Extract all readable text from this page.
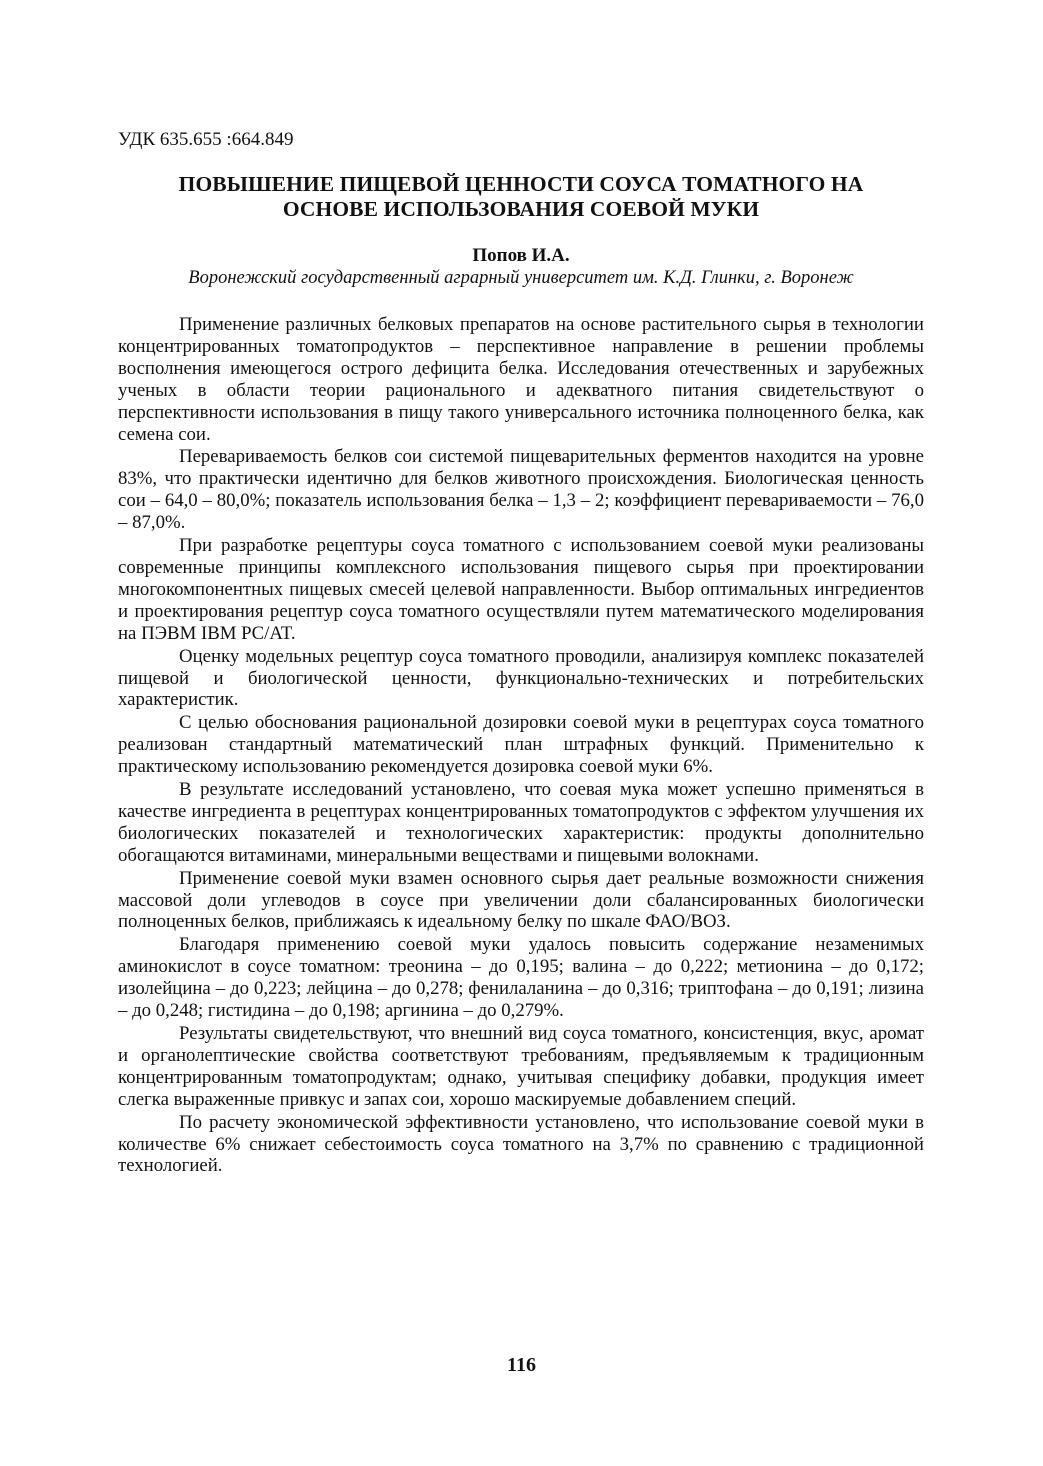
УДК 635.655 :664.849
ПОВЫШЕНИЕ ПИЩЕВОЙ ЦЕННОСТИ СОУСА ТОМАТНОГО НА
ОСНОВЕ ИСПОЛЬЗОВАНИЯ СОЕВОЙ МУКИ
Попов И.А.
Воронежский государственный аграрный университет им. К.Д. Глинки, г. Воронеж

Применение различных белковых препаратов на основе растительного сырья в технологии концентрированных томатопродуктов – перспективное направление в решении проблемы восполнения имеющегося острого дефицита белка. Исследования отечественных и зарубежных ученых в области теории рационального и адекватного питания свидетельствуют о перспективности использования в пищу такого универсального источника полноценного белка, как семена сои.

Перевариваемость белков сои системой пищеварительных ферментов находится на уровне 83%, что практически идентично для белков животного происхождения. Биологическая ценность сои – 64,0 – 80,0%; показатель использования белка – 1,3 – 2; коэффициент перевариваемости – 76,0 – 87,0%.

При разработке рецептуры соуса томатного с использованием соевой муки реализованы современные принципы комплексного использования пищевого сырья при проектировании многокомпонентных пищевых смесей целевой направленности. Выбор оптимальных ингредиентов и проектирования рецептур соуса томатного осуществляли путем математического моделирования на ПЭВМ IBM PC/AT.

Оценку модельных рецептур соуса томатного проводили, анализируя комплекс показателей пищевой и биологической ценности, функционально-технических и потребительских характеристик.

С целью обоснования рациональной дозировки соевой муки в рецептурах соуса томатного реализован стандартный математический план штрафных функций. Применительно к практическому использованию рекомендуется дозировка соевой муки 6%.

В результате исследований установлено, что соевая мука может успешно применяться в качестве ингредиента в рецептурах концентрированных томатопродуктов с эффектом улучшения их биологических показателей и технологических характеристик: продукты дополнительно обогащаются витаминами, минеральными веществами и пищевыми волокнами.

Применение соевой муки взамен основного сырья дает реальные возможности снижения массовой доли углеводов в соусе при увеличении доли сбалансированных биологически полноценных белков, приближаясь к идеальному белку по шкале ФАО/ВОЗ.

Благодаря применению соевой муки удалось повысить содержание незаменимых аминокислот в соусе томатном: треонина – до 0,195; валина – до 0,222; метионина – до 0,172; изолейцина – до 0,223; лейцина – до 0,278; фенилаланина – до 0,316; триптофана – до 0,191; лизина – до 0,248; гистидина – до 0,198; аргинина – до 0,279%.

Результаты свидетельствуют, что внешний вид соуса томатного, консистенция, вкус, аромат и органолептические свойства соответствуют требованиям, предъявляемым к традиционным концентрированным томатопродуктам; однако, учитывая специфику добавки, продукция имеет слегка выраженные привкус и запах сои, хорошо маскируемые добавлением специй.

По расчету экономической эффективности установлено, что использование соевой муки в количестве 6% снижает себестоимость соуса томатного на 3,7% по сравнению с традиционной технологией.

116
